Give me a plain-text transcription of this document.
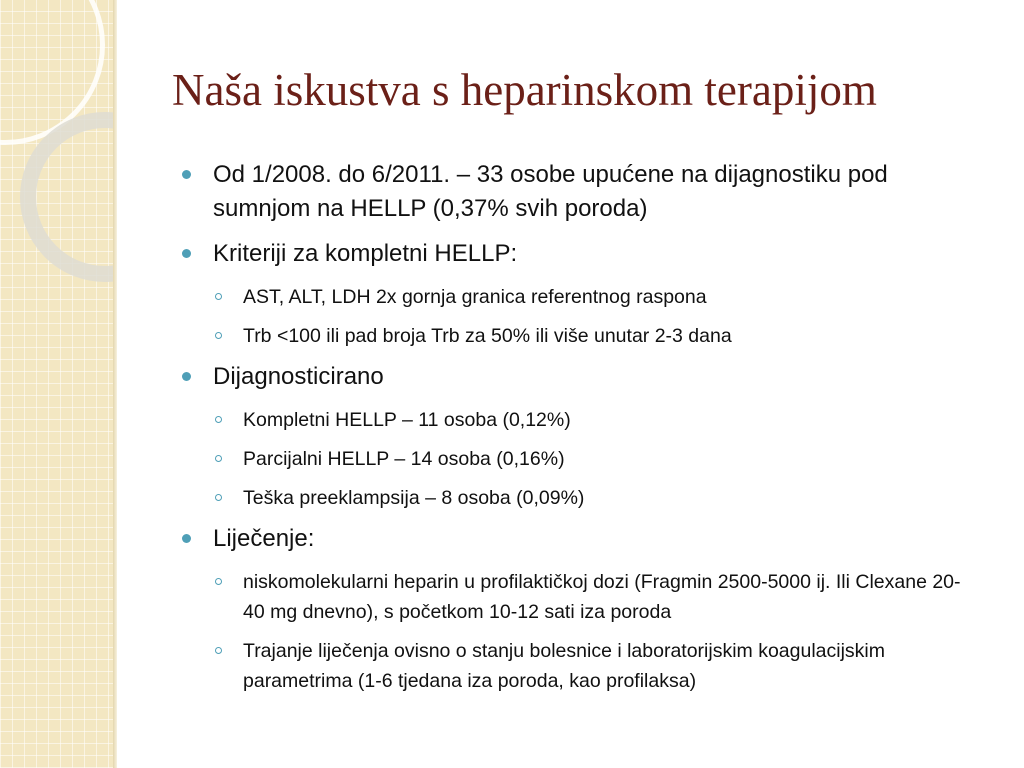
Naša iskustva s heparinskom terapijom
Od 1/2008. do 6/2011. – 33 osobe upućene na dijagnostiku pod sumnjom na HELLP (0,37% svih poroda)
Kriteriji za kompletni HELLP:
AST, ALT, LDH 2x gornja granica referentnog raspona
Trb <100 ili pad broja Trb za 50% ili više unutar 2-3 dana
Dijagnosticirano
Kompletni HELLP – 11 osoba (0,12%)
Parcijalni HELLP – 14 osoba (0,16%)
Teška preeklampsija – 8 osoba (0,09%)
Liječenje:
niskomolekularni heparin u profilaktičkoj dozi (Fragmin 2500-5000 ij. Ili Clexane 20-40 mg dnevno), s početkom 10-12 sati iza poroda
Trajanje liječenja ovisno o stanju bolesnice i laboratorijskim koagulacijskim parametrima (1-6 tjedana iza poroda, kao profilaksa)
